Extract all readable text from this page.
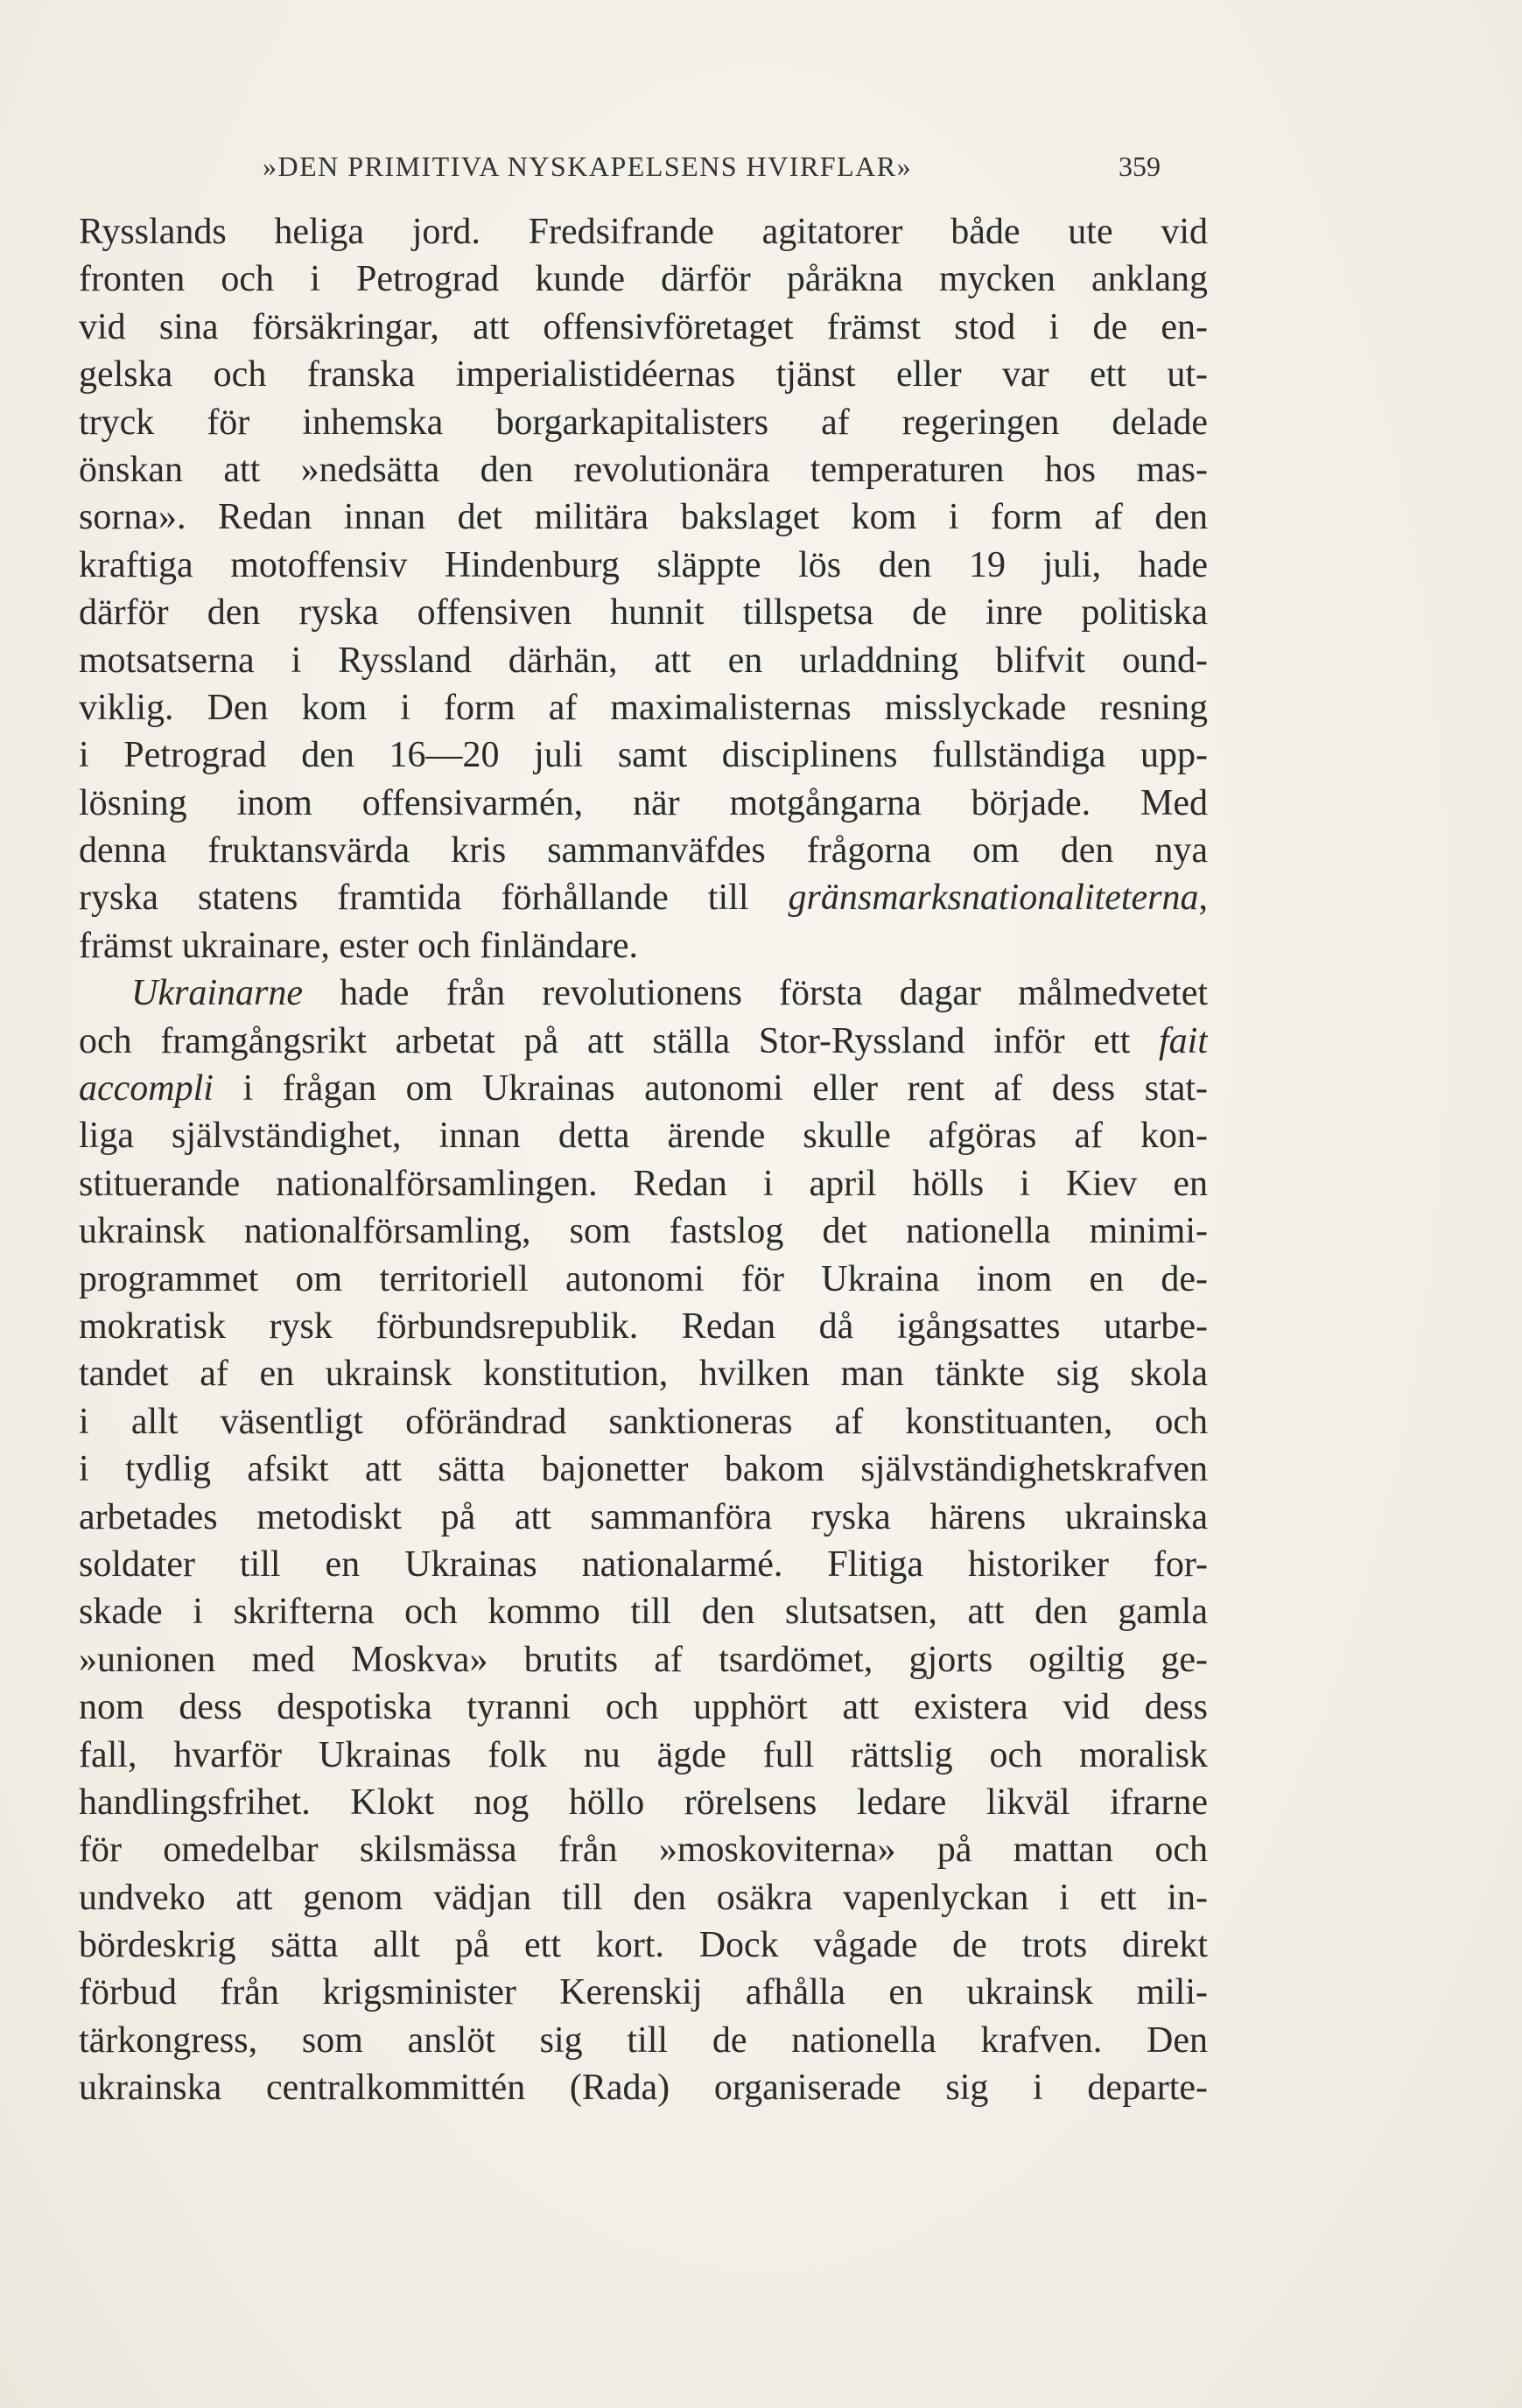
»DEN PRIMITIVA NYSKAPELSENS HVIRFLAR»	359
Rysslands heliga jord. Fredsifrande agitatorer både ute vid
fronten och i Petrograd kunde därför påräkna mycken anklang
vid sina försäkringar, att offensivföretaget främst stod i de en-
gelska och franska imperialistidéernas tjänst eller var ett ut-
tryck för inhemska borgarkapitalisters af regeringen delade
önskan att »nedsätta den revolutionära temperaturen hos mas-
sorna». Redan innan det militära bakslaget kom i form af den
kraftiga motoffensiv Hindenburg släppte lös den 19 juli, hade
därför den ryska offensiven hunnit tillspetsa de inre politiska
motsatserna i Ryssland därhän, att en urladdning blifvit ound-
viklig. Den kom i form af maximalisternas misslyckade resning
i Petrograd den 16—20 juli samt disciplinens fullständiga upp-
lösning inom offensivarmén, när motgångarna började. Med
denna fruktansvärda kris sammanväfdes frågorna om den nya
ryska statens framtida förhållande till gränsmarksnationaliteterna,
främst ukrainare, ester och finländare.
Ukrainarne hade från revolutionens första dagar målmedvetet
och framgångsrikt arbetat på att ställa Stor-Ryssland inför ett fait
accompli i frågan om Ukrainas autonomi eller rent af dess stat-
liga självständighet, innan detta ärende skulle afgöras af kon-
stituerande nationalförsamlingen. Redan i april hölls i Kiev en
ukrainsk nationalförsamling, som fastslog det nationella minimi-
programmet om territoriell autonomi för Ukraina inom en de-
mokratisk rysk förbundsrepublik. Redan då igångsattes utarbe-
tandet af en ukrainsk konstitution, hvilken man tänkte sig skola
i allt väsentligt oförändrad sanktioneras af konstituanten, och
i tydlig afsikt att sätta bajonetter bakom självständighetskrafven
arbetades metodiskt på att sammanföra ryska härens ukrainska
soldater till en Ukrainas nationalarmé. Flitiga historiker for-
skade i skrifterna och kommo till den slutsatsen, att den gamla
»unionen med Moskva» brutits af tsardömet, gjorts ogiltig ge-
nom dess despotiska tyranni och upphört att existera vid dess
fall, hvarför Ukrainas folk nu ägde full rättslig och moralisk
handlingsfrihet. Klokt nog höllo rörelsens ledare likväl ifrarne
för omedelbar skilsmässa från »moskoviterna» på mattan och
undveko att genom vädjan till den osäkra vapenlyckan i ett in-
bördeskrig sätta allt på ett kort. Dock vågade de trots direkt
förbud från krigsminister Kerenskij afhålla en ukrainsk mili-
tärkongress, som anslöt sig till de nationella krafven. Den
ukrainska centralkommittén (Rada) organiserade sig i departe-
